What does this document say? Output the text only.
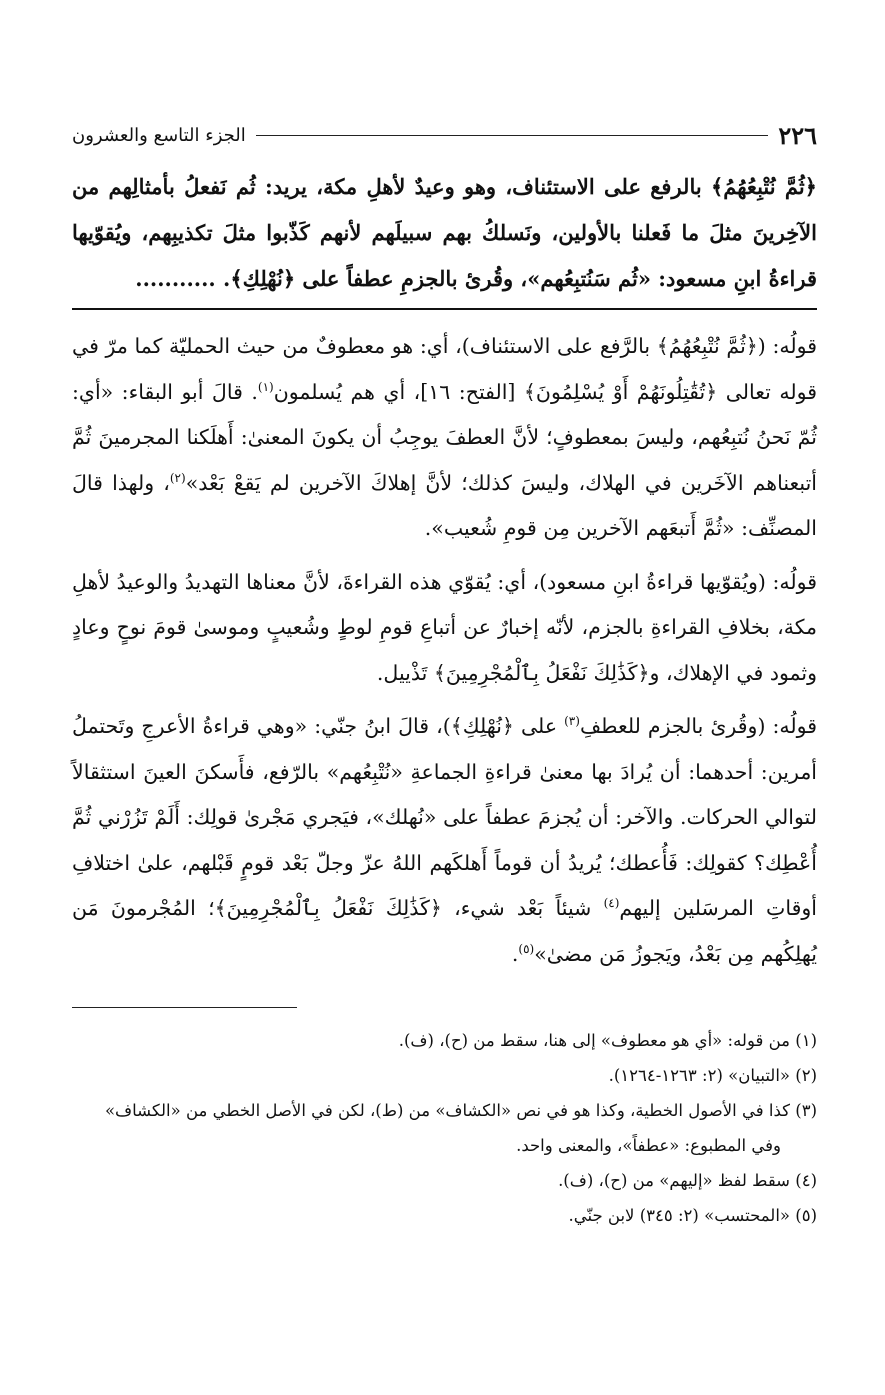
٢٢٦
الجزء التاسع والعشرون
﴿ثُمَّ نُتْبِعُهُمُ﴾ بالرفع على الاستئناف، وهو وعيدٌ لأهلِ مكة، يريد: ثُم نَفعلُ بأمثالِهم من الآخِرينَ مثلَ ما فَعلنا بالأولين، ونَسلكُ بهم سبيلَهم لأنهم كَذّبوا مثلَ تكذيبِهم، ويُقوّيها قراءةُ ابنِ مسعود: «ثُم سَنُتبِعُهم»، وقُرئ بالجزمِ عطفاً على ﴿نُهْلِكِ﴾. ...........

قولُه: (﴿ثُمَّ نُتْبِعُهُمُ﴾ بالرَّفع على الاستئناف)، أي: هو معطوفٌ من حيث الحمليّة كما مرّ في قوله تعالى ﴿تُقَٰتِلُونَهُمْ أَوْ يُسْلِمُونَ﴾ [الفتح: ١٦]، أي هم يُسلمون$^{(١)}$. قالَ أبو البقاء: «أي: ثُمّ نَحنُ نُتبِعُهم، وليسَ بمعطوفٍ؛ لأنَّ العطفَ يوجِبُ أن يكونَ المعنىٰ: أَهلَكنا المجرمينَ ثُمَّ أتبعناهم الآخَرين في الهلاك، وليسَ كذلك؛ لأنَّ إهلاكَ الآخرين لم يَقعْ بَعْد»$^{(٢)}$، ولهذا قالَ المصنِّف: «ثُمَّ أَتبعَهم الآخرين مِن قومِ شُعيب».

قولُه: (ويُقوّيها قراءةُ ابنِ مسعود)، أي: يُقوّي هذه القراءةَ، لأنَّ معناها التهديدُ والوعيدُ لأهلِ مكة، بخلافِ القراءةِ بالجزم، لأنّه إخبارٌ عن أتباعِ قومِ لوطٍ وشُعيبٍ وموسىٰ قومَ نوحٍ وعادٍ وثمود في الإهلاك، و﴿كَذَٰلِكَ نَفْعَلُ بِٱلْمُجْرِمِينَ﴾ تَذْييل.

قولُه: (وقُرئ بالجزم للعطفِ$^{(٣)}$ على ﴿نُهْلِكِ﴾)، قالَ ابنُ جنّي: «وهي قراءةُ الأعرجِ وتَحتملُ أمرين: أحدهما: أن يُرادَ بها معنىٰ قراءةِ الجماعةِ «نُتْبِعُهم» بالرّفع، فأَسكنَ العينَ استثقالاً لتوالي الحركات. والآخر: أن يُجزمَ عطفاً على «نُهلك»، فيَجري مَجْرىٰ قولِك: أَلَمْ تَزُرْني ثُمَّ أُعْطِك؟ كقولِك: فَأُعطك؛ يُريدُ أن قوماً أَهلكَهم اللهُ عزّ وجلّ بَعْد قومٍ قَبْلهم، علىٰ اختلافِ أوقاتِ المرسَلين إليهم$^{(٤)}$ شيئاً بَعْد شيء، ﴿كَذَٰلِكَ نَفْعَلُ بِٱلْمُجْرِمِينَ﴾؛ المُجْرمونَ مَن يُهلِكُهم مِن بَعْدُ، ويَجوزُ مَن مضىٰ»$^{(٥)}$.

(١) من قوله: «أي هو معطوف» إلى هنا، سقط من (ح)، (ف).

(٢) «التبيان» (٢: ١٢٦٣-١٢٦٤).

(٣) كذا في الأصول الخطية، وكذا هو في نص «الكشاف» من (ط)، لكن في الأصل الخطي من «الكشاف»

وفي المطبوع: «عطفاً»، والمعنى واحد.

(٤) سقط لفظ «إليهم» من (ح)، (ف).

(٥) «المحتسب» (٢: ٣٤٥) لابن جنّي.
